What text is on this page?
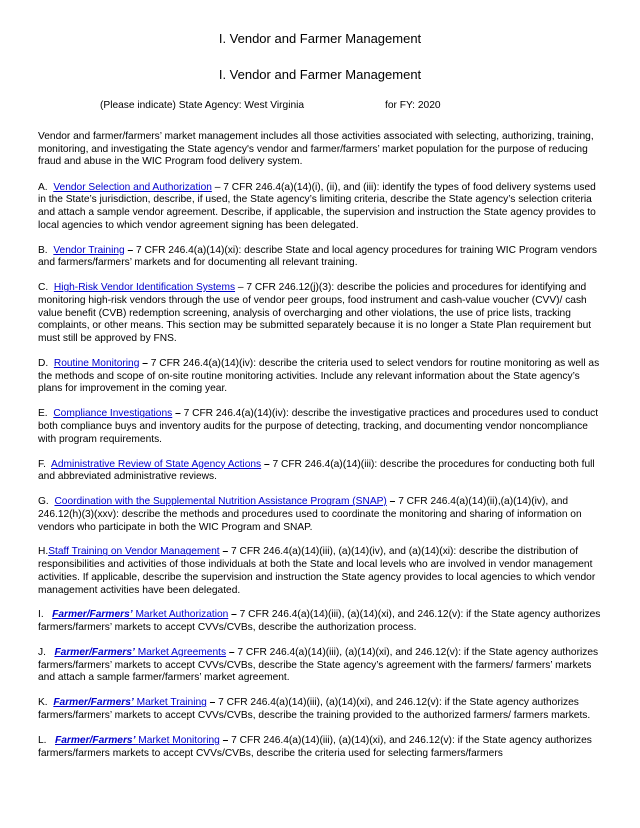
I. Vendor and Farmer Management
I. Vendor and Farmer Management
(Please indicate) State Agency: West Virginia	for FY: 2020

Vendor and farmer/farmers’ market management includes all those activities associated with selecting, authorizing, training, monitoring, and investigating the State agency's vendor and farmer/farmers’ market population for the purpose of reducing fraud and abuse in the WIC Program food delivery system.

A. Vendor Selection and Authorization – 7 CFR 246.4(a)(14)(i), (ii), and (iii): identify the types of food delivery systems used in the State’s jurisdiction, describe, if used, the State agency’s limiting criteria, describe the State agency’s selection criteria and attach a sample vendor agreement. Describe, if applicable, the supervision and instruction the State agency provides to local agencies to which vendor agreement signing has been delegated.

B. Vendor Training – 7 CFR 246.4(a)(14)(xi): describe State and local agency procedures for training WIC Program vendors and farmers/farmers’ markets and for documenting all relevant training.

C. High-Risk Vendor Identification Systems – 7 CFR 246.12(j)(3): describe the policies and procedures for identifying and monitoring high-risk vendors through the use of vendor peer groups, food instrument and cash-value voucher (CVV)/ cash value benefit (CVB) redemption screening, analysis of overcharging and other violations, the use of price lists, tracking complaints, or other means. This section may be submitted separately because it is no longer a State Plan requirement but must still be approved by FNS.

D. Routine Monitoring – 7 CFR 246.4(a)(14)(iv): describe the criteria used to select vendors for routine monitoring as well as the methods and scope of on-site routine monitoring activities. Include any relevant information about the State agency’s plans for improvement in the coming year.

E. Compliance Investigations – 7 CFR 246.4(a)(14)(iv): describe the investigative practices and procedures used to conduct both compliance buys and inventory audits for the purpose of detecting, tracking, and documenting vendor noncompliance with program requirements.

F. Administrative Review of State Agency Actions – 7 CFR 246.4(a)(14)(iii): describe the procedures for conducting both full and abbreviated administrative reviews.

G. Coordination with the Supplemental Nutrition Assistance Program (SNAP) – 7 CFR 246.4(a)(14)(ii),(a)(14)(iv), and 246.12(h)(3)(xxv): describe the methods and procedures used to coordinate the monitoring and sharing of information on vendors who participate in both the WIC Program and SNAP.

H.Staff Training on Vendor Management – 7 CFR 246.4(a)(14)(iii), (a)(14)(iv), and (a)(14)(xi): describe the distribution of responsibilities and activities of those individuals at both the State and local levels who are involved in vendor management activities. If applicable, describe the supervision and instruction the State agency provides to local agencies to which vendor management activities have been delegated.

I. Farmer/Farmers’ Market Authorization – 7 CFR 246.4(a)(14)(iii), (a)(14)(xi), and 246.12(v): if the State agency authorizes farmers/farmers’ markets to accept CVVs/CVBs, describe the authorization process.

J. Farmer/Farmers’ Market Agreements – 7 CFR 246.4(a)(14)(iii), (a)(14)(xi), and 246.12(v): if the State agency authorizes farmers/farmers’ markets to accept CVVs/CVBs, describe the State agency’s agreement with the farmers/ farmers’ markets and attach a sample farmer/farmers’ market agreement.

K. Farmer/Farmers’ Market Training – 7 CFR 246.4(a)(14)(iii), (a)(14)(xi), and 246.12(v): if the State agency authorizes farmers/farmers’ markets to accept CVVs/CVBs, describe the training provided to the authorized farmers/ farmers markets.

L. Farmer/Farmers’ Market Monitoring – 7 CFR 246.4(a)(14)(iii), (a)(14)(xi), and 246.12(v): if the State agency authorizes farmers/farmers markets to accept CVVs/CVBs, describe the criteria used for selecting farmers/farmers
